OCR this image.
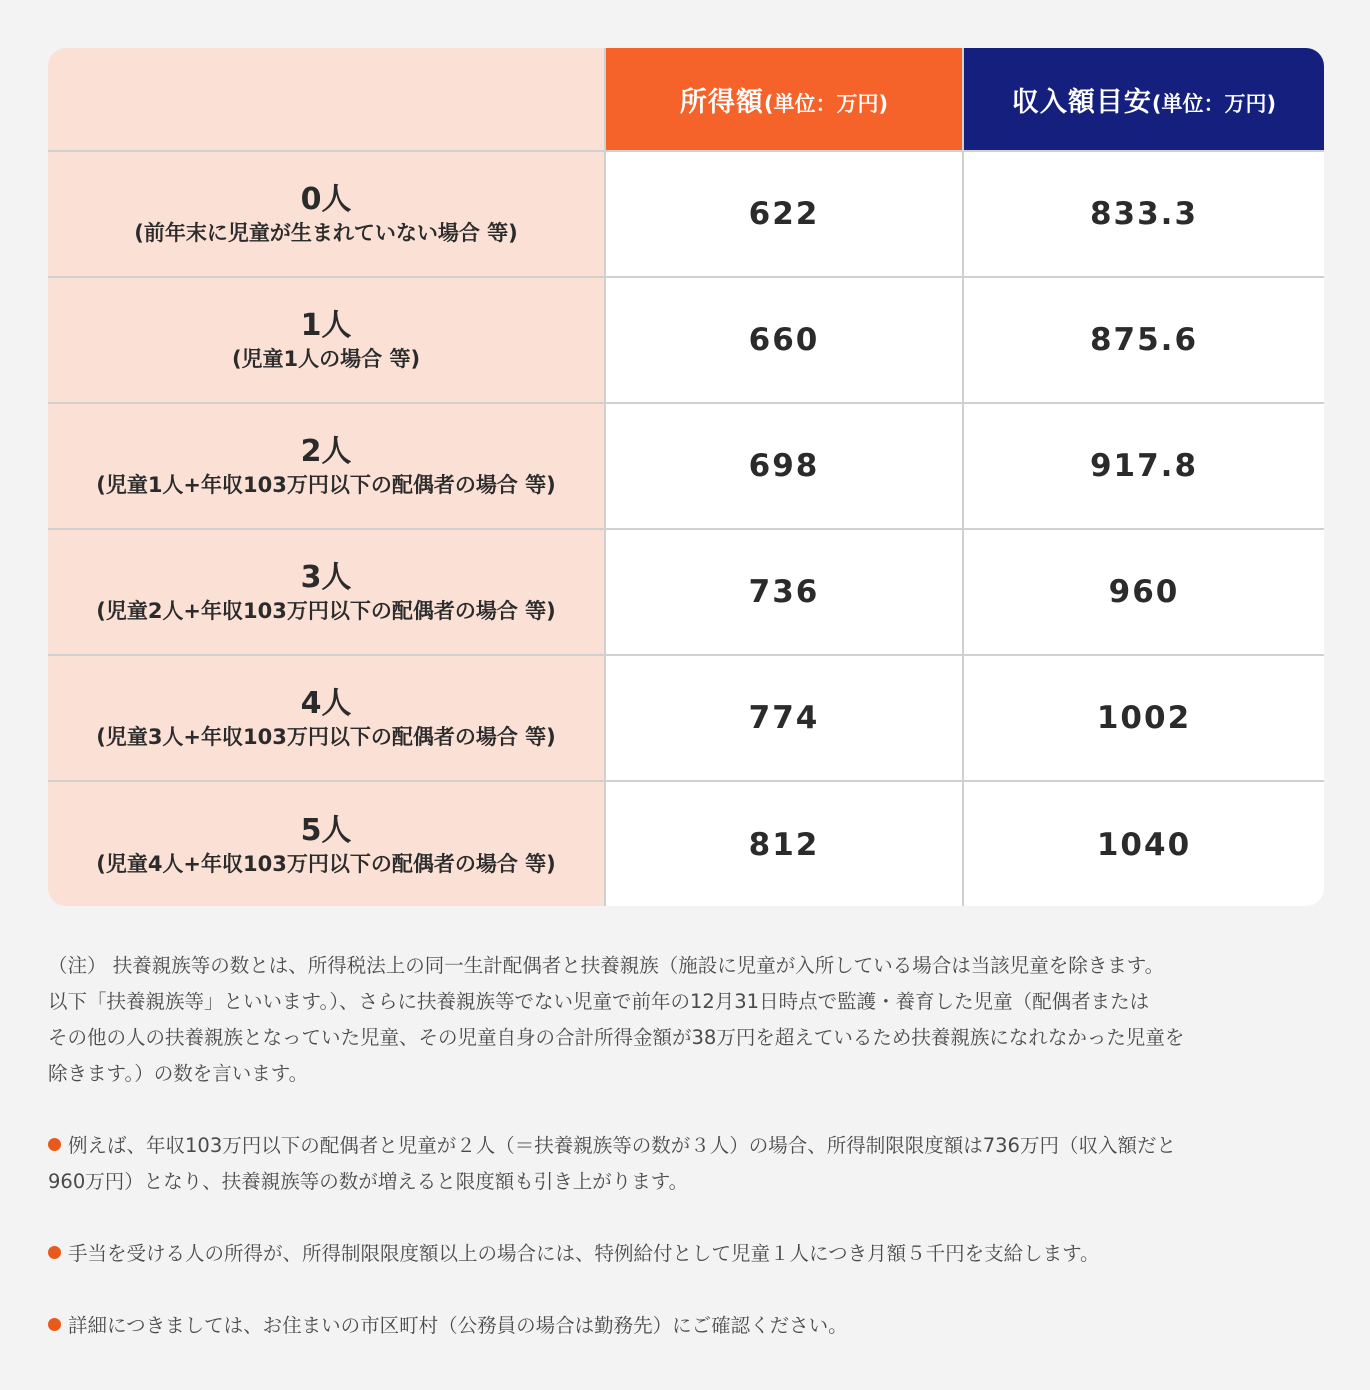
	所得額(単位：万円)	収入額目安(単位：万円)

0人
(前年末に児童が生まれていない場合 等)	622	833.3

1人
(児童1人の場合 等)	660	875.6

2人
(児童1人+年収103万円以下の配偶者の場合 等)	698	917.8

3人
(児童2人+年収103万円以下の配偶者の場合 等)	736	960

4人
(児童3人+年収103万円以下の配偶者の場合 等)	774	1002

5人
(児童4人+年収103万円以下の配偶者の場合 等)	812	1040

（注） 扶養親族等の数とは、所得税法上の同一生計配偶者と扶養親族（施設に児童が入所している場合は当該児童を除きます。

以下「扶養親族等」といいます。）、さらに扶養親族等でない児童で前年の12月31日時点で監護・養育した児童（配偶者または

その他の人の扶養親族となっていた児童、その児童自身の合計所得金額が38万円を超えているため扶養親族になれなかった児童を

除きます。）の数を言います。

例えば、年収103万円以下の配偶者と児童が２人（＝扶養親族等の数が３人）の場合、所得制限限度額は736万円（収入額だと

960万円）となり、扶養親族等の数が増えると限度額も引き上がります。

手当を受ける人の所得が、所得制限限度額以上の場合には、特例給付として児童１人につき月額５千円を支給します。

詳細につきましては、お住まいの市区町村（公務員の場合は勤務先）にご確認ください。
